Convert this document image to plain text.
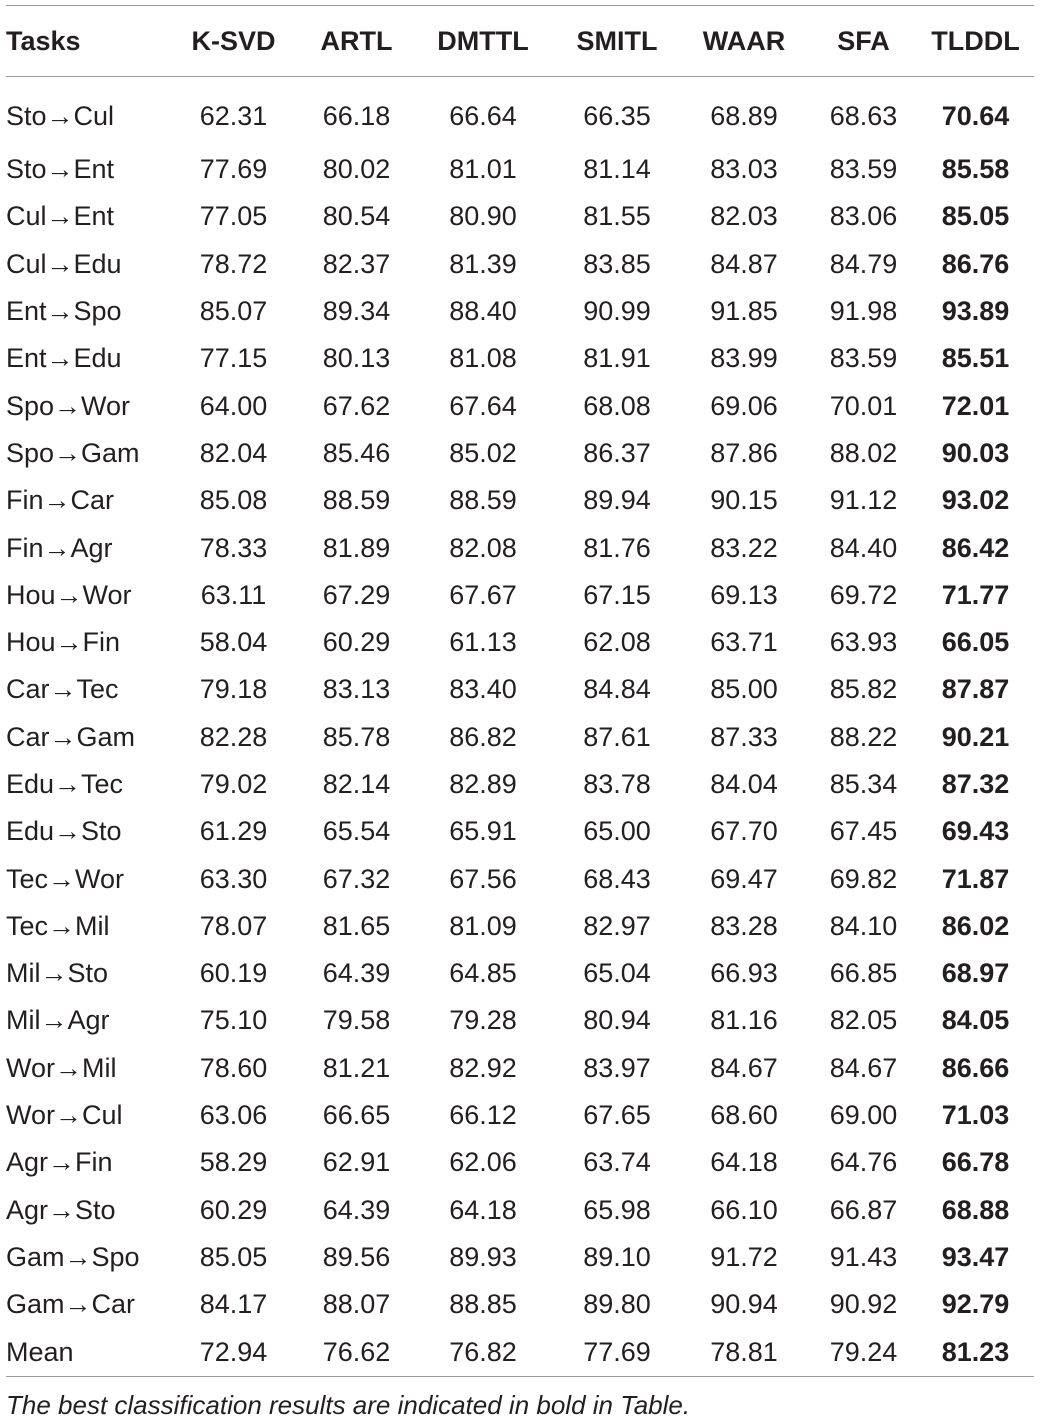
Tasks	K-SVD	ARTL	DMTTL	SMITL	WAAR	SFA	TLDDL
Sto→Cul	62.31	66.18	66.64	66.35	68.89	68.63	70.64
Sto→Ent	77.69	80.02	81.01	81.14	83.03	83.59	85.58
Cul→Ent	77.05	80.54	80.90	81.55	82.03	83.06	85.05
Cul→Edu	78.72	82.37	81.39	83.85	84.87	84.79	86.76
Ent→Spo	85.07	89.34	88.40	90.99	91.85	91.98	93.89
Ent→Edu	77.15	80.13	81.08	81.91	83.99	83.59	85.51
Spo→Wor	64.00	67.62	67.64	68.08	69.06	70.01	72.01
Spo→Gam	82.04	85.46	85.02	86.37	87.86	88.02	90.03
Fin→Car	85.08	88.59	88.59	89.94	90.15	91.12	93.02
Fin→Agr	78.33	81.89	82.08	81.76	83.22	84.40	86.42
Hou→Wor	63.11	67.29	67.67	67.15	69.13	69.72	71.77
Hou→Fin	58.04	60.29	61.13	62.08	63.71	63.93	66.05
Car→Tec	79.18	83.13	83.40	84.84	85.00	85.82	87.87
Car→Gam	82.28	85.78	86.82	87.61	87.33	88.22	90.21
Edu→Tec	79.02	82.14	82.89	83.78	84.04	85.34	87.32
Edu→Sto	61.29	65.54	65.91	65.00	67.70	67.45	69.43
Tec→Wor	63.30	67.32	67.56	68.43	69.47	69.82	71.87
Tec→Mil	78.07	81.65	81.09	82.97	83.28	84.10	86.02
Mil→Sto	60.19	64.39	64.85	65.04	66.93	66.85	68.97
Mil→Agr	75.10	79.58	79.28	80.94	81.16	82.05	84.05
Wor→Mil	78.60	81.21	82.92	83.97	84.67	84.67	86.66
Wor→Cul	63.06	66.65	66.12	67.65	68.60	69.00	71.03
Agr→Fin	58.29	62.91	62.06	63.74	64.18	64.76	66.78
Agr→Sto	60.29	64.39	64.18	65.98	66.10	66.87	68.88
Gam→Spo	85.05	89.56	89.93	89.10	91.72	91.43	93.47
Gam→Car	84.17	88.07	88.85	89.80	90.94	90.92	92.79
Mean	72.94	76.62	76.82	77.69	78.81	79.24	81.23
The best classification results are indicated in bold in Table.
